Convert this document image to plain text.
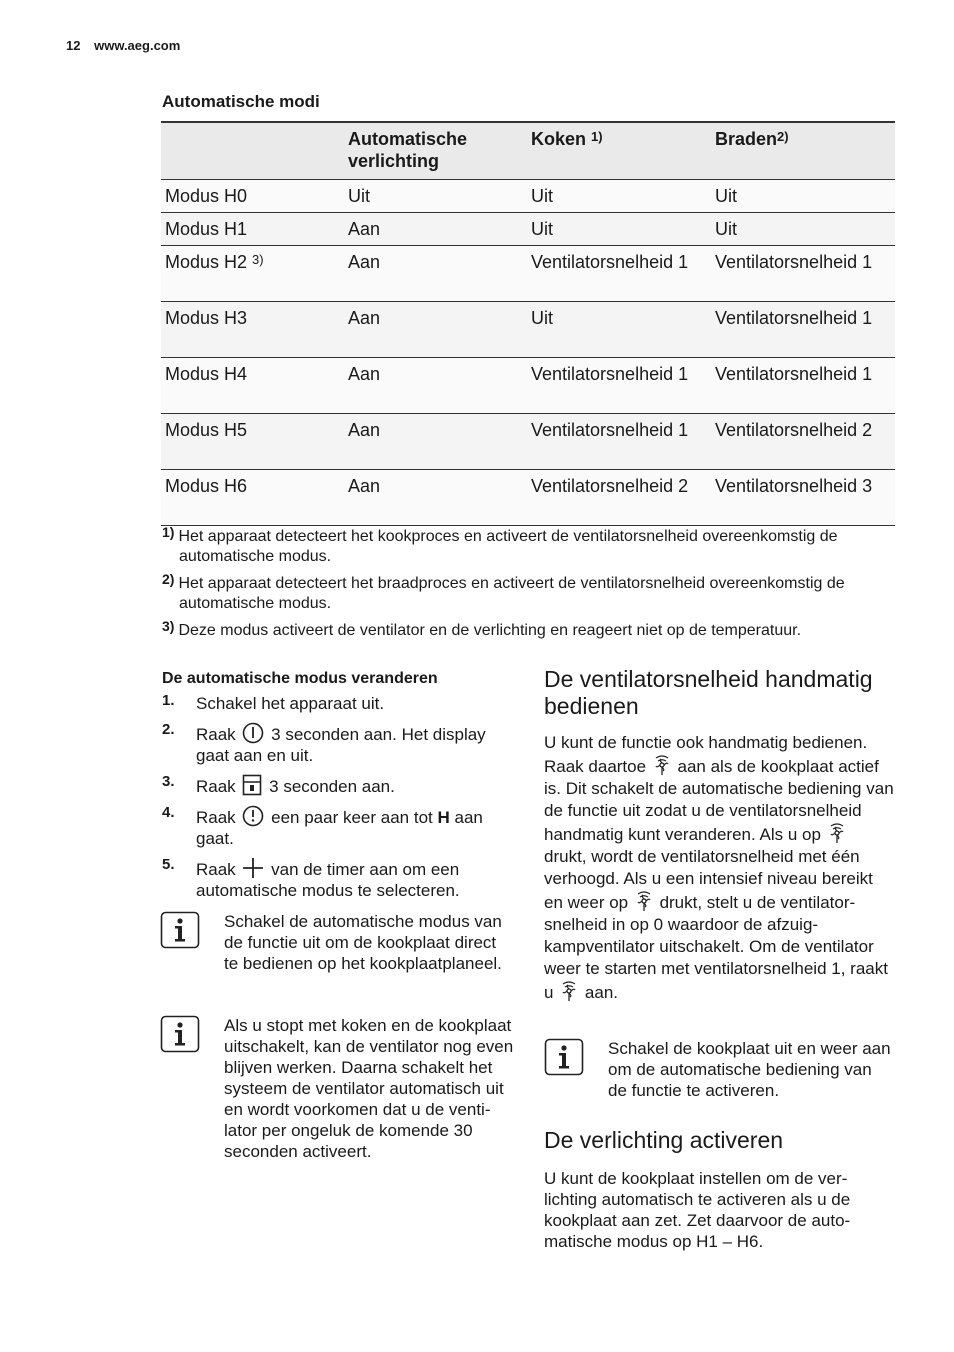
12 www.aeg.com
Automatische modi
	Automatische verlichting	Koken $^{1)}$	Braden$^{2)}$
Modus H0	Uit	Uit	Uit
Modus H1	Aan	Uit	Uit
Modus H2 $^{3)}$	Aan	Ventilatorsnelheid 1	Ventilatorsnelheid 1
Modus H3	Aan	Uit	Ventilatorsnelheid 1
Modus H4	Aan	Ventilatorsnelheid 1	Ventilatorsnelheid 1
Modus H5	Aan	Ventilatorsnelheid 1	Ventilatorsnelheid 2
Modus H6	Aan	Ventilatorsnelheid 2	Ventilatorsnelheid 3
1) Het apparaat detecteert het kookproces en activeert de ventilatorsnelheid overeenkomstig de automatische modus.
2) Het apparaat detecteert het braadproces en activeert de ventilatorsnelheid overeenkomstig de automatische modus.
3) Deze modus activeert de ventilator en de verlichting en reageert niet op de temperatuur.
De automatische modus veranderen
1. Schakel het apparaat uit.
2. Raak  3 seconden aan. Het display gaat aan en uit.
3. Raak  3 seconden aan.
4. Raak  een paar keer aan tot H aan gaat.
5. Raak  van de timer aan om een automatische modus te selecteren.
Schakel de automatische modus van de functie uit om de kookplaat direct te bedienen op het kookplaatplaneel.
Als u stopt met koken en de kookplaat uitschakelt, kan de ventilator nog even blijven werken. Daarna schakelt het systeem de ventilator automatisch uit en wordt voorkomen dat u de ventilator per ongeluk de komende 30 seconden activeert.
De ventilatorsnelheid handmatig bedienen

U kunt de functie ook handmatig bedienen. Raak daartoe  aan als de kookplaat actief is. Dit schakelt de automatische bediening van de functie uit zodat u de ventilatorsnelheid handmatig kunt veranderen. Als u op  drukt, wordt de ventilatorsnelheid met één verhoogd. Als u een intensief niveau bereikt en weer op  drukt, stelt u de ventilatorsnelheid in op 0 waardoor de afzuigkampventilator uitschakelt. Om de ventilator weer te starten met ventilatorsnelheid 1, raakt u  aan.

Schakel de kookplaat uit en weer aan om de automatische bediening van de functie te activeren.
De verlichting activeren
U kunt de kookplaat instellen om de verlichting automatisch te activeren als u de kookplaat aan zet. Zet daarvoor de automatische modus op H1 – H6.
